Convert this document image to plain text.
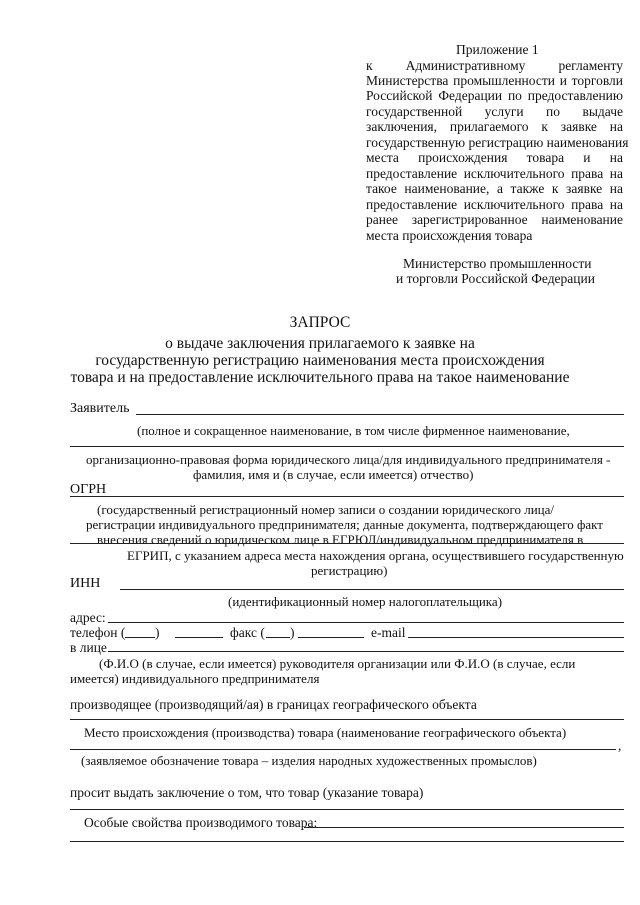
Приложение 1
к Административному регламенту
Министерства промышленности и торговли
Российской Федерации по предоставлению
государственной услуги по выдаче
заключения, прилагаемого к заявке на
государственную регистрацию наименования
места происхождения товара и на
предоставление исключительного права на
такое наименование, а также к заявке на
предоставление исключительного права на
ранее зарегистрированное наименование
места происхождения товара
Министерство промышленности
и торговли Российской Федерации
ЗАПРОС
о выдаче заключения прилагаемого к заявке на
государственную регистрацию наименования места происхождения
товара и на предоставление исключительного права на такое наименование
Заявитель
(полное и сокращенное наименование, в том числе фирменное наименование,
организационно-правовая форма юридического лица/для индивидуального предпринимателя -
фамилия, имя и (в случае, если имеется) отчество)
ОГРН
(государственный регистрационный номер записи о создании юридического лица/
регистрации индивидуального предпринимателя; данные документа, подтверждающего факт
внесения сведений о юридическом лице в ЕГРЮЛ/индивидуальном предпринимателя в
ЕГРИП, с указанием адреса места нахождения органа, осуществившего государственную
регистрацию)
ИНН
(идентификационный номер налогоплательщика)
адрес:
телефон ( )	факс ( )	e-mail
в лице
(Ф.И.О (в случае, если имеется) руководителя организации или Ф.И.О (в случае, если
имеется) индивидуального предпринимателя
производящее (производящий/ая) в границах географического объекта
Место происхождения (производства) товара (наименование географического объекта)
,
(заявляемое обозначение товара – изделия народных художественных промыслов)
просит выдать заключение о том, что товар (указание товара)
Особые свойства производимого товара:
